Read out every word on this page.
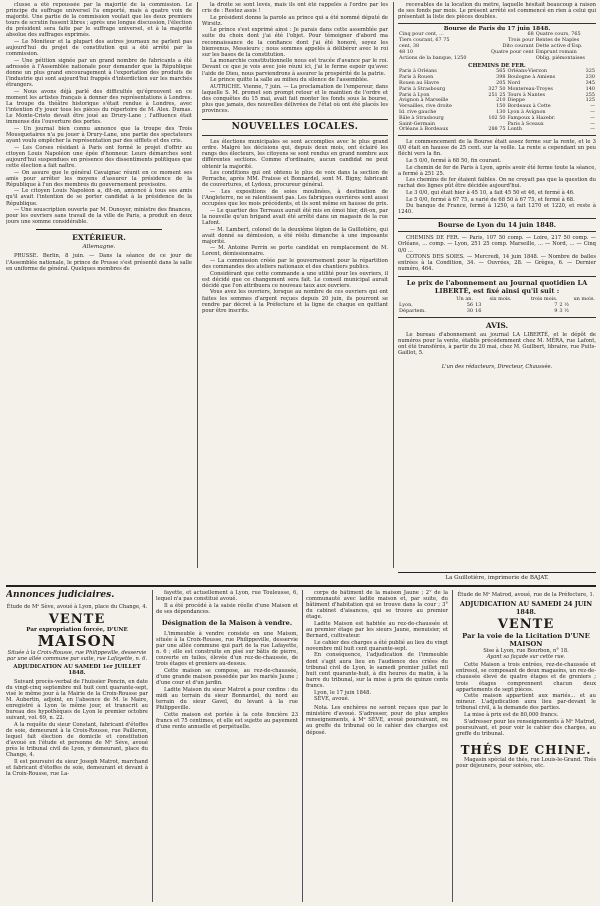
clusse a été repoussée par la majorité de la commission. Le principe du suffrage universel l'a emporté, mais à quatre voix de majorité. Une partie de la commission voulait que les deux premiers tours de scrutin fussent libres ; après une longue discussion, l'élection du président sera faite par le suffrage universel, et à la majorité absolue des suffrages exprimés.

— Le Moniteur et la plupart des autres journaux ne parlent pas aujourd'hui du projet de constitution qui a été arrêté par la commission.

— Une pétition signée par un grand nombre de fabricants a été adressée à l'Assemblée nationale pour demander que la République donne un plus grand encouragement à l'exportation des produits de l'industrie qui sont aujourd'hui frappés d'interdiction sur les marchés étrangers.

— Nous avons déjà parlé des difficultés qu'éprouvent en ce moment les artistes français à donner des représentations à Londres. La troupe du théâtre historique s'était rendue à Londres, avec l'intention d'y jouer tous les pièces du répertoire de M. Alex. Dumas. Le Monte-Cristo devait être joué au Drury-Lane ; l'affluence était immense dès l'ouverture des portes.

— Un journal bien connu annonce que la troupe des Trois Mousquetaires n'a pu jouer à Drury-Lane, une partie des spectateurs ayant voulu empêcher la représentation par des sifflets et des cris.

— Les Corses résidant à Paris ont formé le projet d'offrir au citoyen Louis Napoléon une épée d'honneur. Leurs démarches sont aujourd'hui suspendues en présence des dissentiments politiques que cette élection a fait naître.

— On assure que le général Cavaignac réunit en ce moment ses amis pour arrêter les moyens d'assurer la présidence de la République à l'un des membres du gouvernement provisoire.

— Le citoyen Louis Napoléon a, dit-on, annoncé à tous ses amis qu'il avait l'intention de se porter candidat à la présidence de la République.

— Une souscription ouverte par M. Dunoyer, ministre des finances, pour les ouvriers sans travail de la ville de Paris, a produit en deux jours une somme considérable.

EXTÉRIEUR.
Allemagne.

PRUSSE. Berlin, 8 juin. — Dans la séance de ce jour de l'Assemblée nationale, le prince de Prusse s'est présenté dans la salle en uniforme de général. Quelques membres de

la droite se sont levés, mais ils ont été rappelés à l'ordre par les cris de : Restez assis !

Le président donne la parole au prince qui a été nommé député de Wirsitz.

Le prince s'est exprimé ainsi : Je parais dans cette assemblée par suite du choix dont j'ai été l'objet. Pour témoigner d'abord ma reconnaissance de la confiance dont j'ai été honoré, soyez les bienvenus, Messieurs ; nous sommes appelés à délibérer avec le roi sur les bases de la constitution.

La monarchie constitutionnelle nous est tracée d'avance par le roi. Devant ce que je vois avec joie réuni ici, j'ai le ferme espoir qu'avec l'aide de Dieu, nous parviendrons à assurer la prospérité de la patrie.

Le prince quitte la salle au milieu du silence de l'assemblée.

AUTRICHE. Vienne, 7 juin. — La proclamation de l'empereur, dans laquelle S. M. promet son prompt retour et le maintien de l'ordre et des conquêtes du 15 mai, avait fait monter les fonds sous la bourse, plus que jamais, des nouvelles délivrées de l'état où ont été placés les provinces.

NOUVELLES LOCALES.

Les élections municipales se sont accomplies avec le plus grand ordre. Malgré les décisions qui, depuis deux mois, ont éclairé les rangs des électeurs, les citoyens se sont rendus en grand nombre aux différentes sections. Comme d'ordinaire, aucun candidat ne peut obtenir la majorité.

Les conditions qui ont obtenu le plus de voix dans la section de Perrache, après MM. Fraisse et Bonnardel, sont M. Bigny, fabricant de couvertures, et Lydoux, procureur général.

— Les expositions de soies moulinées, à destination de l'Angleterre, ne se ralentissent pas. Les fabriques ouvrières sont aussi occupées que les mois précédents, et ils sont même en hausse de prix.

— Le quartier des Terreaux aurait été mis en émoi hier, dit-on, par la nouvelle qu'un brigand avait été arrêté dans un magasin de la rue Lafont.

— M. Lambert, colonel de la deuxième légion de la Guillotière, qui avait donné sa démission, a été réélu dimanche à une imposante majorité.

— M. Antoine Perrin se porte candidat en remplacement de M. Lorent, démissionnaire.

— La commission créée par le gouvernement pour la répartition des commandes des ateliers nationaux et des chantiers publics.

Considérant que cette commande a une utilité pour les ouvriers, il est décidé que ce changement sera fait. Le conseil municipal aurait décidé que l'on attribuera ce nouveau taux aux ouvriers.

Vous avez les ouvriers, lorsque au nombre de ces ouvriers qui ont faites les sommes d'argent reçues depuis 20 juin, ils pourront se rendre par décret à la Préfecture et la ligne de chaque en quittant pour être inscrits.

recevables de la location du mètre, laquelle hésitait beaucoup à raison de ses fonds par mois. Le présent arrêté est commencé en rien à celui qui présentait la liste des pièces doubles.

Bourse de Paris du 17 juin 1848.
Cinq pour cent, ...	68	Quatre cours, 765
Tiers courant, 67 75	Trois pour	Rentes de Naples
cent, 38	Dito courant	Dette active d'Esp.
48 10	Quatre pour cent	Emprunt romain
Actions de la banque, 1250		Oblig. piémontaises
CHEMINS DE FER.
Paris à Orléans	565	Orléans-Vierzon	325
Paris à Rouen	398	Boulogne à Amiens	230
Rouen au Havre	205	Nord	345
Paris à Strasbourg	327 50	Montereau-Troyes	140
Paris à Lyon	251 25	Tours à Nantes	255
Avignon à Marseille	210	Dieppe	125
Versailles, rive droite	150	Bordeaux à Cette	—
Id. rive gauche	130	Lyon à Avignon	—
Bâle à Strasbourg	102 50	Fampoux à Hazebr.	—
Saint-Germain		Paris à Sceaux	—
Orléans à Bordeaux	288 75	Lonth	—

Le commencement de la Bourse était assez ferme sur la rente, et le 3 0/0 était en hausse de 25 cent. sur la veille. La rente a cependant un peu fléchi vers la fin.

Le 5 0/0, fermé à 68 50, fin courant.

Le chemin de fer de Paris à Lyon, après avoir été ferme toute la séance, a fermé à 251 25.

Les chemins de fer étaient faibles. On ne croyait pas que la question du rachat des lignes pût être décidée aujourd'hui.

Le 3 0/0, qui était hier à 45 10, a fait 45 50 et 46, et fermé à 46.

Le 5 0/0, fermé à 67 75, a varié de 68 50 à 67 75, et fermé à 68.

Du banque de France, fermé à 1250, a fait 1270 et 1220, et reste à 1240.

Bourse de Lyon du 14 juin 1848.

CHEMINS DE FER. — Paris, 107 50 comp. — Loire, 217 50 comp. — Orléans, ... comp. — Lyon, 251 25 comp. Marseille, ... — Nord, ... — Cinq 0/0 ...

COTONS DES SOIES. — Mercredi, 14 juin 1848. — Nombre de balles entrées à la Condition, 34. — Ouvrées, 28. — Grèges, 6. — Dernier numéro, 464.

Le prix de l'abonnement au Journal quotidien LA LIBERTÉ, est fixé ainsi qu'il suit :
	Un an.	six mois.	trois mois.	un mois.
Lyon,	56	13	7	2 ½
Départem.	30	16	9	3 ½
AVIS.

Le bureau d'abonnement au journal LA LIBERTÉ, et le dépôt de numéros pour la vente, établis précédemment chez M. MÉRA, rue Lafont, ont été transférés, à partir du 20 mai, chez M. Guilbert, libraire, rue Puits-Gaillot, 5.

L'un des rédacteurs, Directeur, Chaussée.
La Guillotière, imprimerie de BAJAT.
Annonces judiciaires.
Étude de Mᵉ Sève, avoué à Lyon, place du Change, 4.
VENTE
Par expropriation forcée, D'UNE
MAISON
Située à la Croix-Rousse, rue Philippeville, desservie par une allée commune par suite, rue Lafayette, n. 6.
ADJUDICATION AU SAMEDI 1er JUILLET 1848.

Suivant procès-verbal de l'huissier Poncin, en date du vingt-cinq septembre mil huit cent quarante-sept, visé le même jour à la Mairie de la Croix-Rousse par M. Aubertin, adjoint, en l'absence de M. le Maire, enregistré à Lyon le même jour, et transcrit au bureau des hypothèques de Lyon le premier octobre suivant, vol. 69, n. 22.

A la requête du sieur Constant, fabricant d'étoffes de soie, demeurant à la Croix-Rousse, rue Pailleron, lequel fait élection de domicile et constitution d'avoué en l'étude et personne de Mᵉ Sève, avoué près le tribunal civil de Lyon, y demeurant, place du Change, 4.

Il est poursuivi du sieur Joseph Matrot, marchand et fabricant d'étoffes de soie, demeurant et devant à la Croix-Rousse, rue La-

fayette, et actuellement à Lyon, rue Touleusse, 6, lequel n'a pas constitué avoué.

Il a été procédé à la saisie réelle d'une Maison et de ses dépendances.

Désignation de la Maison à vendre.

L'immeuble à vendre consiste en une Maison, située à la Croix-Rousse, rue Philippeville, desservie par une allée commune qui part de la rue Lafayette, n. 6 ; elle est construite en pisé sur bâtis de pierre, couverte en tuiles, élevée d'un rez-de-chaussée, de trois étages et greniers au-dessus.

Cette maison se compose, au rez-de-chaussée, d'une grande maison possédée par les mariés Jaune ; d'une cour et d'un jardin.

Ladite Maison du sieur Matrot a pour confins : du midi au terrain du sieur Bonnardel, du nord au terrain du sieur Gavel, du levant à la rue Philippeville.

Cette maison est portée à la cote foncière 23 francs et 75 centimes, et elle est sujette au payement d'une rente annuelle et perpétuelle.

corps de bâtiment de la maison Jaune ; 2° de la communauté avec ladite maison et, par suite, du bâtiment d'habitation qui se trouve dans la cour ; 3° du cabinet d'aisances, qui se trouve au premier étage.

Ladite Maison est habitée au rez-de-chaussée et au premier étage par les sieurs Jaune, menuisier, et Bernard, cultivateur.

Le cahier des charges a été publié au lieu du vingt novembre mil huit cent quarante-sept.

En conséquence, l'adjudication de l'immeuble dont s'agit aura lieu en l'audience des criées du tribunal civil de Lyon, le samedi premier juillet mil huit cent quarante-huit, à dix heures du matin, à la barre du tribunal, sur la mise à prix de quinze cents francs.

Lyon, le 17 juin 1848.

SÈVE, avoué.

Nota. Les enchères ne seront reçues que par le ministère d'avoué. S'adresser, pour de plus amples renseignements, à Mᵉ SÈVE, avoué poursuivant, ou au greffe du tribunal où le cahier des charges est déposé.

Étude de Mᵉ Matrod, avoué, rue de la Préfecture, 1.
ADJUDICATION AU SAMEDI 24 JUIN 1848.
VENTE
Par la voie de la Licitation D'UNE MAISON
Sise à Lyon, rue Bourbon, n° 18.
Ayant sa façade sur cette rue.

Cette Maison a trois entrées, rez-de-chaussée et entresol, se composant de deux magasins, un rez-de-chaussée élevé de quatre étages et de greniers ; trois étages comprennent chacun deux appartements de sept pièces.

Cette maison appartient aux mariés... et au mineur. L'adjudication aura lieu par-devant le tribunal civil, à la demande des parties.

La mise à prix est de 80,000 francs.

S'adresser pour les renseignements à Mᵉ Matrod, poursuivant, et pour voir le cahier des charges, au greffe du tribunal.

THÉS DE CHINE.

Magasin spécial de thés, rue Louis-le-Grand. Thés pour déjeuners, pour soirées, etc.
